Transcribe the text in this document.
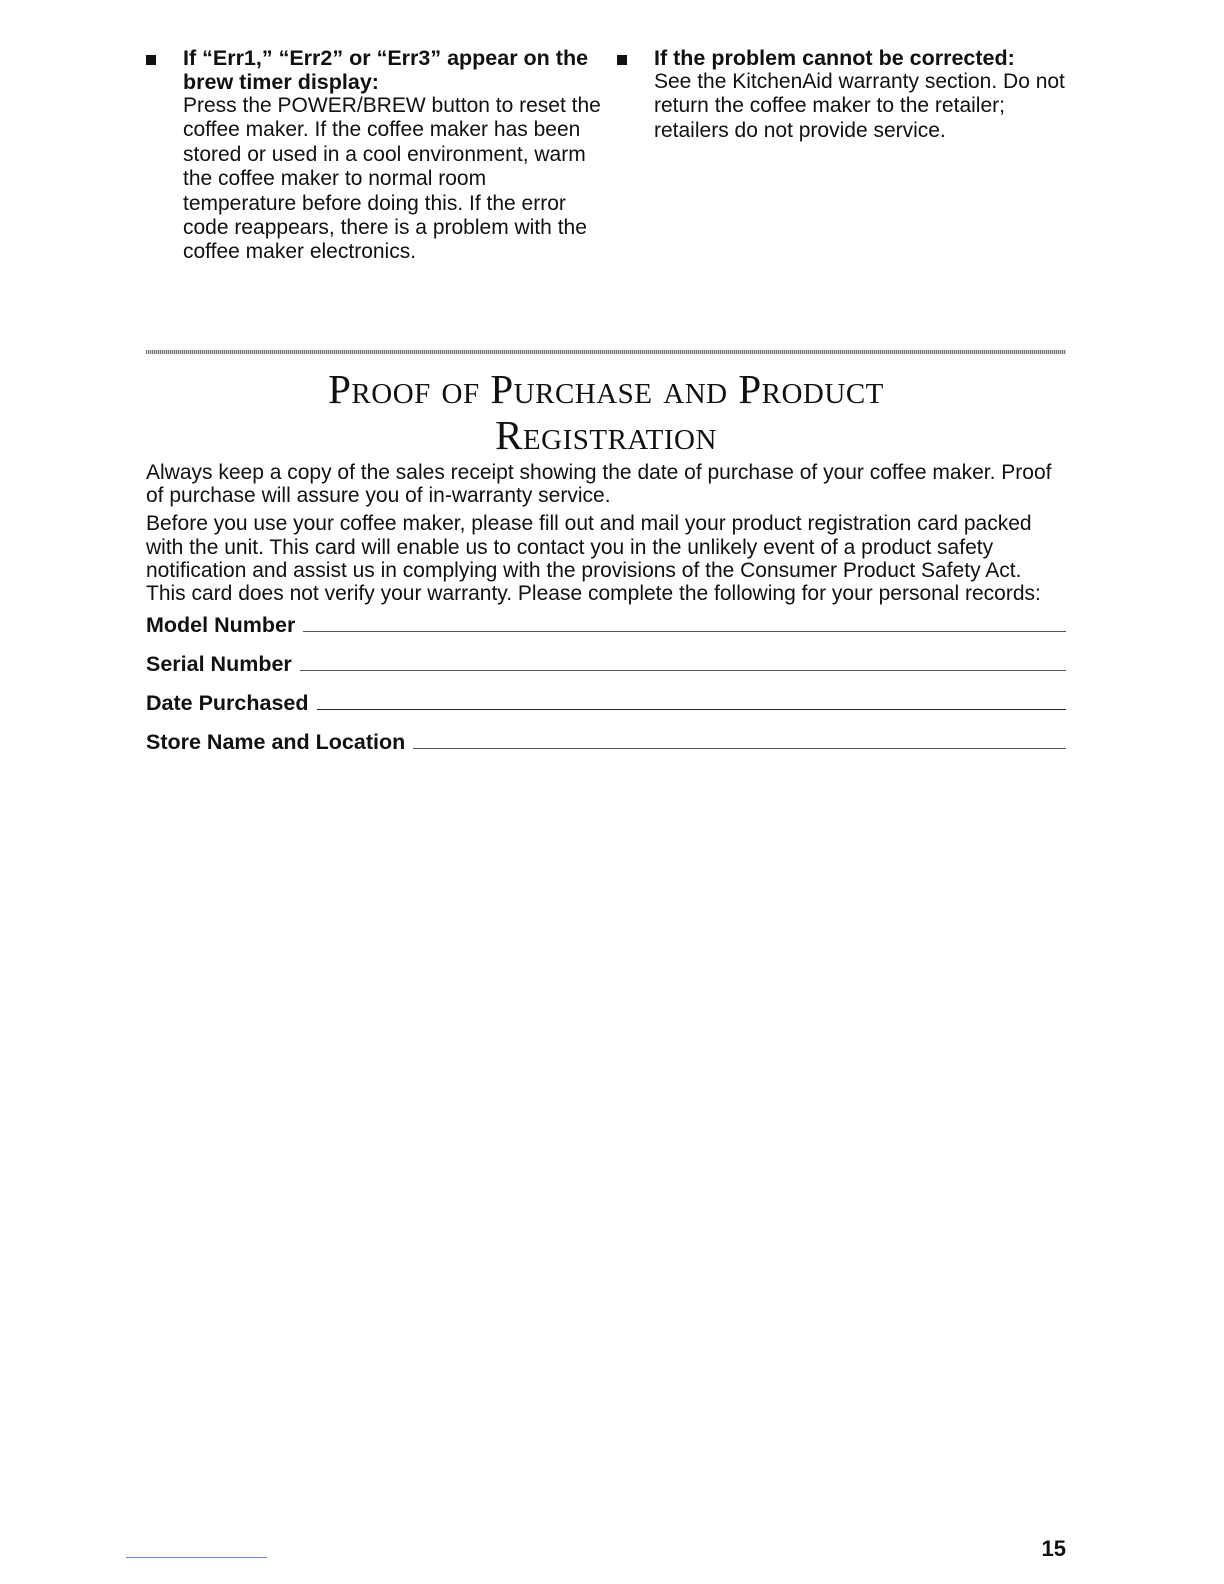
If “Err1,” “Err2” or “Err3” appear on the brew timer display:

Press the POWER/BREW button to reset the coffee maker. If the coffee maker has been stored or used in a cool environment, warm the coffee maker to normal room temperature before doing this. If the error code reappears, there is a problem with the coffee maker electronics.

If the problem cannot be corrected:

See the KitchenAid warranty section. Do not return the coffee maker to the retailer; retailers do not provide service.

Proof of Purchase and Product
Registration

Always keep a copy of the sales receipt showing the date of purchase of your coffee maker. Proof of purchase will assure you of in-warranty service.

Before you use your coffee maker, please fill out and mail your product registration card packed with the unit. This card will enable us to contact you in the unlikely event of a product safety notification and assist us in complying with the provisions of the Consumer Product Safety Act. This card does not verify your warranty. Please complete the following for your personal records:

Model Number
Serial Number
Date Purchased
Store Name and Location

15
